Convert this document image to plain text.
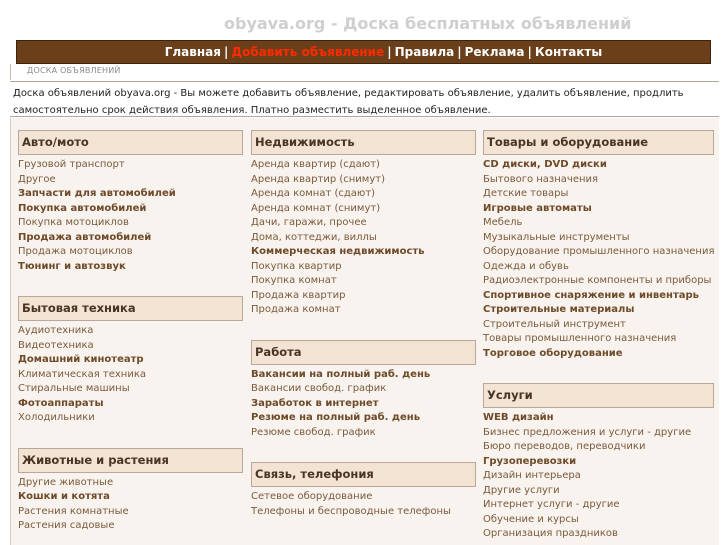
obyava.org - Доска бесплатных объявлений
Главная | Добавить объявление | Правила | Реклама | Контакты
ДОСКА ОБЪЯВЛЕНИЙ
Доска объявлений obyava.org - Вы можете добавить объявление, редактировать объявление, удалить объявление, продлить самостоятельно срок действия объявления. Платно разместить выделенное объявление.
Авто/мото
Грузовой транспорт
Другое
Запчасти для автомобилей
Покупка автомобилей
Покупка мотоциклов
Продажа автомобилей
Продажа мотоциклов
Тюнинг и автозвук
Бытовая техника
Аудиотехника
Видеотехника
Домашний кинотеатр
Климатическая техника
Стиральные машины
Фотоаппараты
Холодильники
Животные и растения
Другие животные
Кошки и котята
Растения комнатные
Растения садовые
Недвижимость
Аренда квартир (сдают)
Аренда квартир (снимут)
Аренда комнат (сдают)
Аренда комнат (снимут)
Дачи, гаражи, прочее
Дома, коттеджи, виллы
Коммерческая недвижимость
Покупка квартир
Покупка комнат
Продажа квартир
Продажа комнат
Работа
Вакансии на полный раб. день
Вакансии свобод. график
Заработок в интернет
Резюме на полный раб. день
Резюме свобод. график
Связь, телефония
Сетевое оборудование
Телефоны и беспроводные телефоны
Товары и оборудование
CD диски, DVD диски
Бытового назначения
Детские товары
Игровые автоматы
Мебель
Музыкальные инструменты
Оборудование промышленного назначения
Одежда и обувь
Радиоэлектронные компоненты и приборы
Спортивное снаряжение и инвентарь
Строительные материалы
Строительный инструмент
Товары промышленного назначения
Торговое оборудование
Услуги
WEB дизайн
Бизнес предложения и услуги - другие
Бюро переводов, переводчики
Грузоперевозки
Дизайн интерьера
Другие услуги
Интернет услуги - другие
Обучение и курсы
Организация праздников
